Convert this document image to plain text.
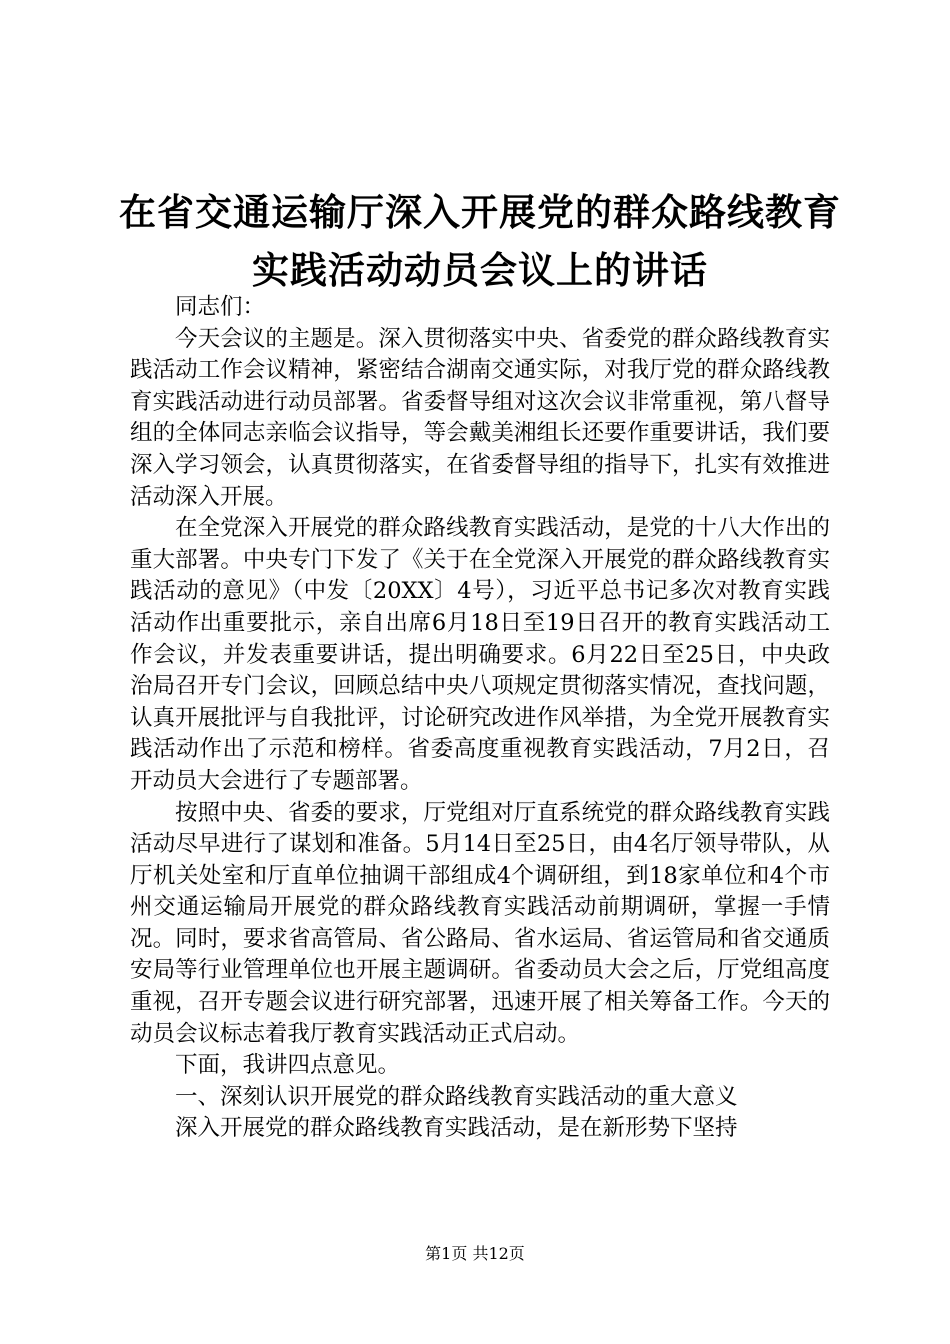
在省交通运输厅深入开展党的群众路线教育实践活动动员会议上的讲话

同志们：

今天会议的主题是。深入贯彻落实中央、省委党的群众路线教育实践活动工作会议精神，紧密结合湖南交通实际，对我厅党的群众路线教育实践活动进行动员部署。省委督导组对这次会议非常重视，第八督导组的全体同志亲临会议指导，等会戴美湘组长还要作重要讲话，我们要深入学习领会，认真贯彻落实，在省委督导组的指导下，扎实有效推进活动深入开展。

在全党深入开展党的群众路线教育实践活动，是党的十八大作出的重大部署。中央专门下发了《关于在全党深入开展党的群众路线教育实践活动的意见》（中发〔20XX〕4号），习近平总书记多次对教育实践活动作出重要批示，亲自出席6月18日至19日召开的教育实践活动工作会议，并发表重要讲话，提出明确要求。6月22日至25日，中央政治局召开专门会议，回顾总结中央八项规定贯彻落实情况，查找问题，认真开展批评与自我批评，讨论研究改进作风举措，为全党开展教育实践活动作出了示范和榜样。省委高度重视教育实践活动，7月2日，召开动员大会进行了专题部署。

按照中央、省委的要求，厅党组对厅直系统党的群众路线教育实践活动尽早进行了谋划和准备。5月14日至25日，由4名厅领导带队，从厅机关处室和厅直单位抽调干部组成4个调研组，到18家单位和4个市州交通运输局开展党的群众路线教育实践活动前期调研，掌握一手情况。同时，要求省高管局、省公路局、省水运局、省运管局和省交通质安局等行业管理单位也开展主题调研。省委动员大会之后，厅党组高度重视，召开专题会议进行研究部署，迅速开展了相关筹备工作。今天的动员会议标志着我厅教育实践活动正式启动。

下面，我讲四点意见。

一、深刻认识开展党的群众路线教育实践活动的重大意义

深入开展党的群众路线教育实践活动，是在新形势下坚持

第1页 共12页
